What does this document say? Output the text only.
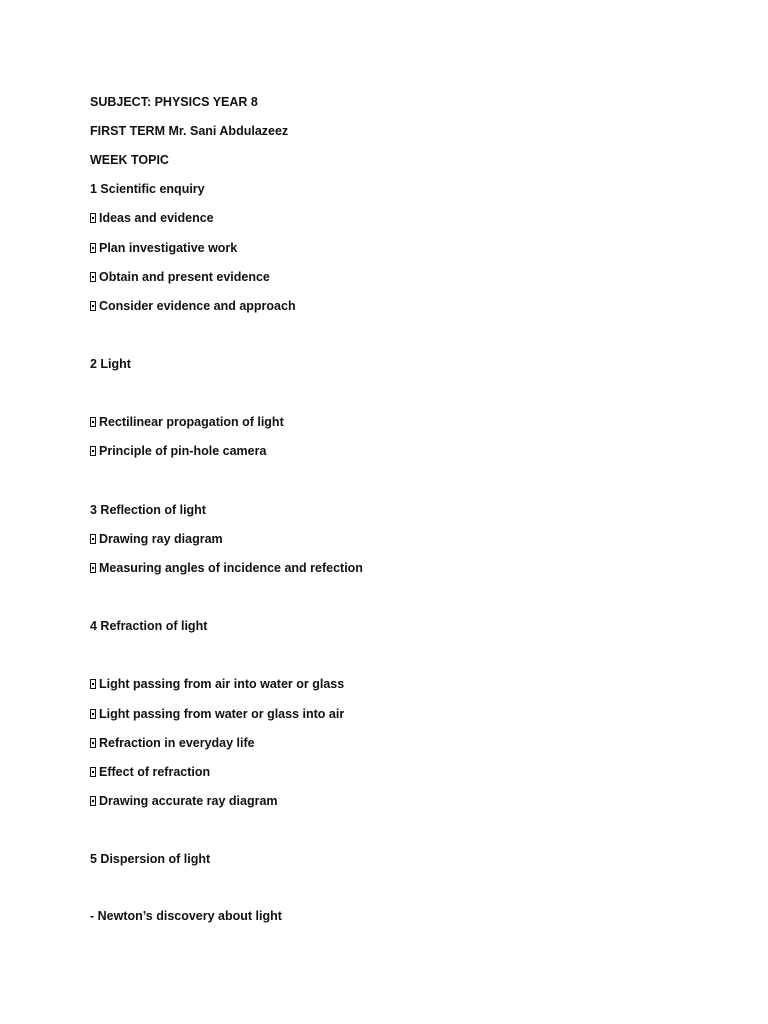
SUBJECT: PHYSICS YEAR 8
FIRST TERM Mr. Sani Abdulazeez
WEEK TOPIC
1 Scientific enquiry
Ideas and evidence
Plan investigative work
Obtain and present evidence
Consider evidence and approach
2 Light
Rectilinear propagation of light
Principle of pin-hole camera
3 Reflection of light
Drawing ray diagram
Measuring angles of incidence and refection
4 Refraction of light
Light passing from air into water or glass
Light passing from water or glass into air
Refraction in everyday life
Effect of refraction
Drawing accurate ray diagram
5 Dispersion of light
- Newton’s discovery about light
